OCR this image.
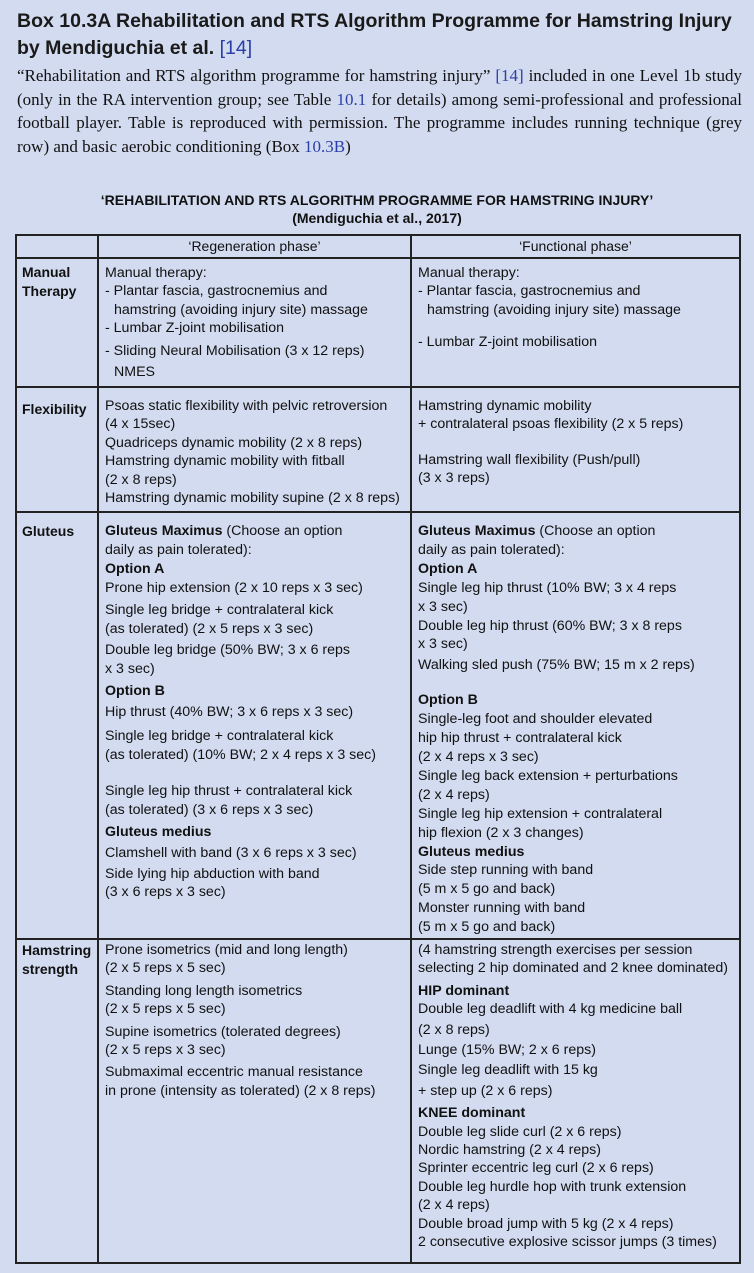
Box 10.3A Rehabilitation and RTS Algorithm Programme for Hamstring Injury
by Mendiguchia et al. [14]
“Rehabilitation and RTS algorithm programme for hamstring injury” [14] included in one Level 1b study (only in the RA intervention group; see Table 10.1 for details) among semi-professional and professional football player. Table is reproduced with permission. The programme includes running technique (grey row) and basic aerobic conditioning (Box 10.3B)
‘REHABILITATION AND RTS ALGORITHM PROGRAMME FOR HAMSTRING INJURY’
(Mendiguchia et al., 2017)
‘Regeneration phase’	‘Functional phase’
Manual
Therapy
Manual therapy:
- Plantar fascia, gastrocnemius and
hamstring (avoiding injury site) massage
- Lumbar Z-joint mobilisation
- Sliding Neural Mobilisation (3 x 12 reps)
NMES
Manual therapy:
- Plantar fascia, gastrocnemius and
hamstring (avoiding injury site) massage
- Lumbar Z-joint mobilisation
Flexibility Psoas static flexibility with pelvic retroversion
(4 x 15sec)
Quadriceps dynamic mobility (2 x 8 reps)
Hamstring dynamic mobility with fitball
(2 x 8 reps)
Hamstring dynamic mobility supine (2 x 8 reps)
Hamstring dynamic mobility
+ contralateral psoas flexibility (2 x 5 reps)
Hamstring wall flexibility (Push/pull)
(3 x 3 reps)
Gluteus Gluteus Maximus (Choose an option
daily as pain tolerated):
Option A
Prone hip extension (2 x 10 reps x 3 sec)
Single leg bridge + contralateral kick
(as tolerated) (2 x 5 reps x 3 sec)
Double leg bridge (50% BW; 3 x 6 reps
x 3 sec)
Option B
Hip thrust (40% BW; 3 x 6 reps x 3 sec)
Single leg bridge + contralateral kick
(as tolerated) (10% BW; 2 x 4 reps x 3 sec)
Single leg hip thrust + contralateral kick
(as tolerated) (3 x 6 reps x 3 sec)
Gluteus medius
Clamshell with band (3 x 6 reps x 3 sec)
Side lying hip abduction with band
(3 x 6 reps x 3 sec)
Gluteus Maximus (Choose an option
daily as pain tolerated):
Option A
Single leg hip thrust (10% BW; 3 x 4 reps
x 3 sec)
Double leg hip thrust (60% BW; 3 x 8 reps
x 3 sec)
Walking sled push (75% BW; 15 m x 2 reps)
Option B
Single-leg foot and shoulder elevated
hip hip thrust + contralateral kick
(2 x 4 reps x 3 sec)
Single leg back extension + perturbations
(2 x 4 reps)
Single leg hip extension + contralateral
hip flexion (2 x 3 changes)
Gluteus medius
Side step running with band
(5 m x 5 go and back)
Monster running with band
(5 m x 5 go and back)
Hamstring
strength
Prone isometrics (mid and long length)
(2 x 5 reps x 5 sec)
Standing long length isometrics
(2 x 5 reps x 5 sec)
Supine isometrics (tolerated degrees)
(2 x 5 reps x 3 sec)
Submaximal eccentric manual resistance
in prone (intensity as tolerated) (2 x 8 reps)
(4 hamstring strength exercises per session
selecting 2 hip dominated and 2 knee dominated)
HIP dominant
Double leg deadlift with 4 kg medicine ball
(2 x 8 reps)
Lunge (15% BW; 2 x 6 reps)
Single leg deadlift with 15 kg
+ step up (2 x 6 reps)
KNEE dominant
Double leg slide curl (2 x 6 reps)
Nordic hamstring (2 x 4 reps)
Sprinter eccentric leg curl (2 x 6 reps)
Double leg hurdle hop with trunk extension
(2 x 4 reps)
Double broad jump with 5 kg (2 x 4 reps)
2 consecutive explosive scissor jumps (3 times)
